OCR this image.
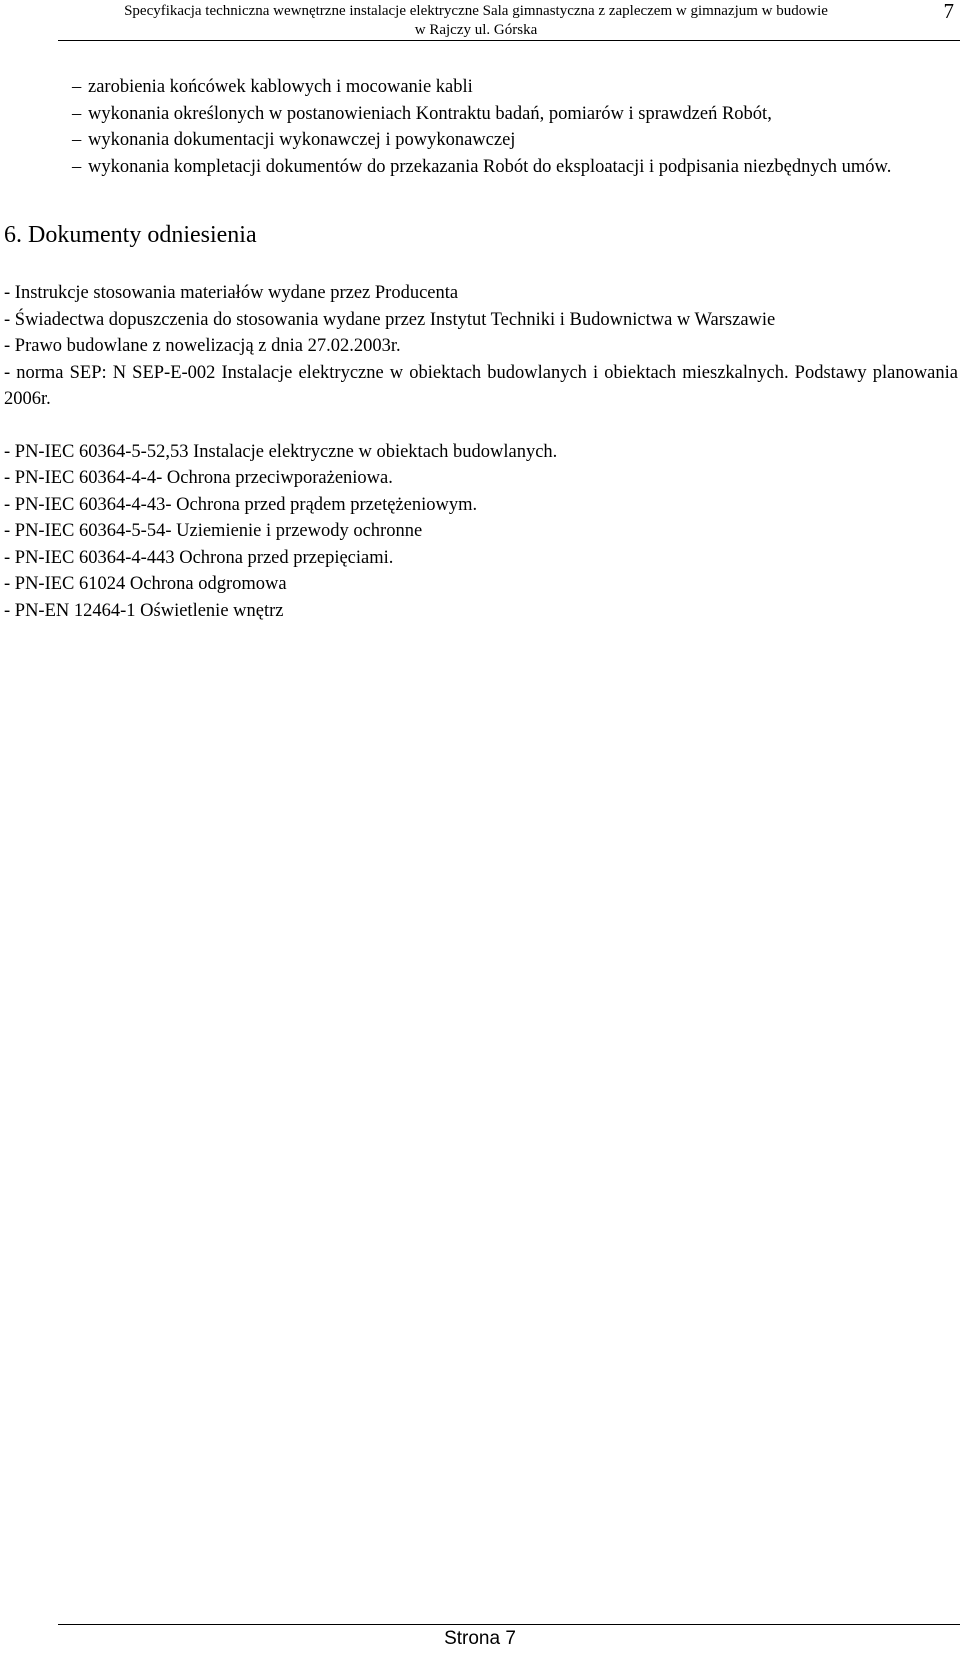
Specyfikacja techniczna wewnętrzne instalacje elektryczne Sala gimnastyczna z zapleczem w gimnazjum w budowie
w Rajczy ul. Górska
7
– zarobienia końcówek kablowych i mocowanie kabli
– wykonania określonych w postanowieniach Kontraktu badań, pomiarów i sprawdzeń Robót,
– wykonania dokumentacji wykonawczej i powykonawczej
– wykonania kompletacji dokumentów do przekazania Robót do eksploatacji i podpisania niezbędnych umów.
6. Dokumenty odniesienia
- Instrukcje stosowania materiałów wydane przez Producenta
- Świadectwa dopuszczenia do stosowania wydane przez Instytut Techniki i Budownictwa w Warszawie
- Prawo budowlane z nowelizacją z dnia 27.02.2003r.
- norma SEP: N SEP-E-002 Instalacje elektryczne w obiektach budowlanych i obiektach mieszkalnych. Podstawy planowania 2006r.
- PN-IEC 60364-5-52,53 Instalacje elektryczne w obiektach budowlanych.
- PN-IEC 60364-4-4- Ochrona przeciwporażeniowa.
- PN-IEC 60364-4-43- Ochrona przed prądem przetężeniowym.
- PN-IEC 60364-5-54- Uziemienie i przewody ochronne
- PN-IEC 60364-4-443 Ochrona przed przepięciami.
- PN-IEC 61024 Ochrona odgromowa
- PN-EN 12464-1 Oświetlenie wnętrz
Strona 7
